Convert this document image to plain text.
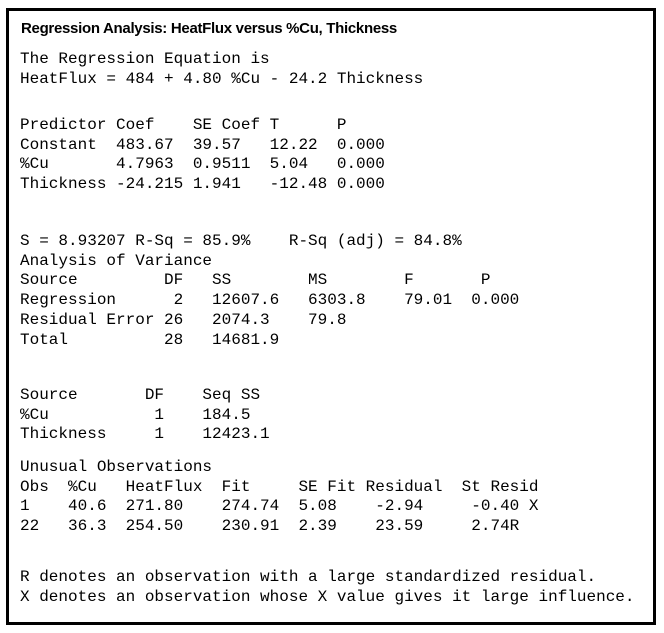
Regression Analysis: HeatFlux versus %Cu, Thickness
The Regression Equation is
HeatFlux = 484 + 4.80 %Cu - 24.2 Thickness
Predictor Coef    SE Coef T      P
Constant  483.67  39.57   12.22  0.000
%Cu       4.7963  0.9511  5.04   0.000
Thickness -24.215 1.941   -12.48 0.000
S = 8.93207 R-Sq = 85.9%    R-Sq (adj) = 84.8%
Analysis of Variance
Source         DF   SS        MS        F       P
Regression      2   12607.6   6303.8    79.01  0.000
Residual Error 26   2074.3    79.8
Total          28   14681.9
Source       DF    Seq SS
%Cu           1    184.5
Thickness     1    12423.1
Unusual Observations
Obs  %Cu   HeatFlux  Fit     SE Fit Residual  St Resid
1    40.6  271.80    274.74  5.08    -2.94     -0.40 X
22   36.3  254.50    230.91  2.39    23.59     2.74R
R denotes an observation with a large standardized residual.
X denotes an observation whose X value gives it large influence.
